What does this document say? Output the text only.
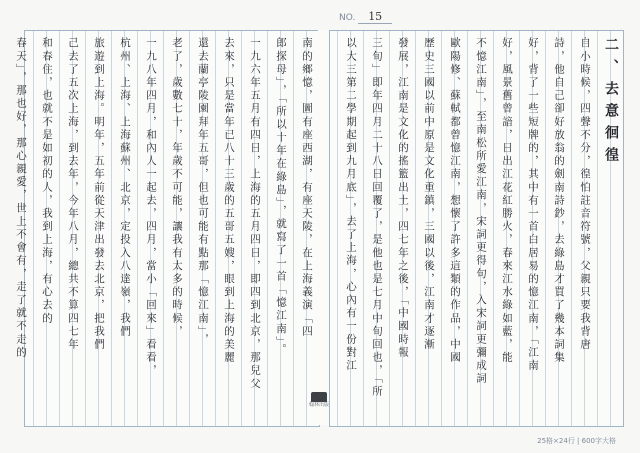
NO. 15
南的鄉憶，圖有座西湖，有座天陵，在上海義演「四
郎探母」，「所以十年在綠島」，就寫了一首「憶江南」。
一九六年五月有四日，上海的五月四日，即四到北京，那兒父
去來，只是當年已八十三歲的五哥五嫂，眼到上海的美麗
還去蘭亭陵園拜年五哥，但也可能有點那「憶江南」，
老了，歲數七十，年歲不可能，讓我有太多的時候，
一九八年四月，和內人一起去，四月，當小「回來」看看，
杭州、上海、上海蘇州、北京，定投入八達嶺，我們
旅遊到上海。明年，五年前從天津出發去北京，把我們
己去了五次上海，到去年，今年八月，總共不算四七年
和春住，也就不是如初的人，我到上海，有心去的
春天」，那也好，那心親愛，世上不會有，走了就不走的	二、去意徊徨
自小時候，四聲不分，徨怕註音符號，父親只要我背唐
詩，他自己卻好放翁的劍南詩鈔，去綠島才買了幾本詞集
好，背了一些短牌的，其中有一首白居易的憶江南，「江南
好，風景舊曾諳，日出江花紅勝火，春來江水綠如藍，能
不憶江南」，至南松所愛江南，宋詞更得句，入宋詞更彌成詞
歐陽修、蘇軾都曾憶江南，想懷了許多這類的作品，中國
歷史三國以前中原是文化重鎮，三國以後，江南才逐漸
發展，江南是文化的搖籃出土，四七年之後，「中國時報
三旬」即年四月二十八日回覆了，是他也是七月中旬回也，「所
以大三第二學期起到九月底」，去了上海，心內有一份對江
翰林出版
25格×24行 | 600字大格
